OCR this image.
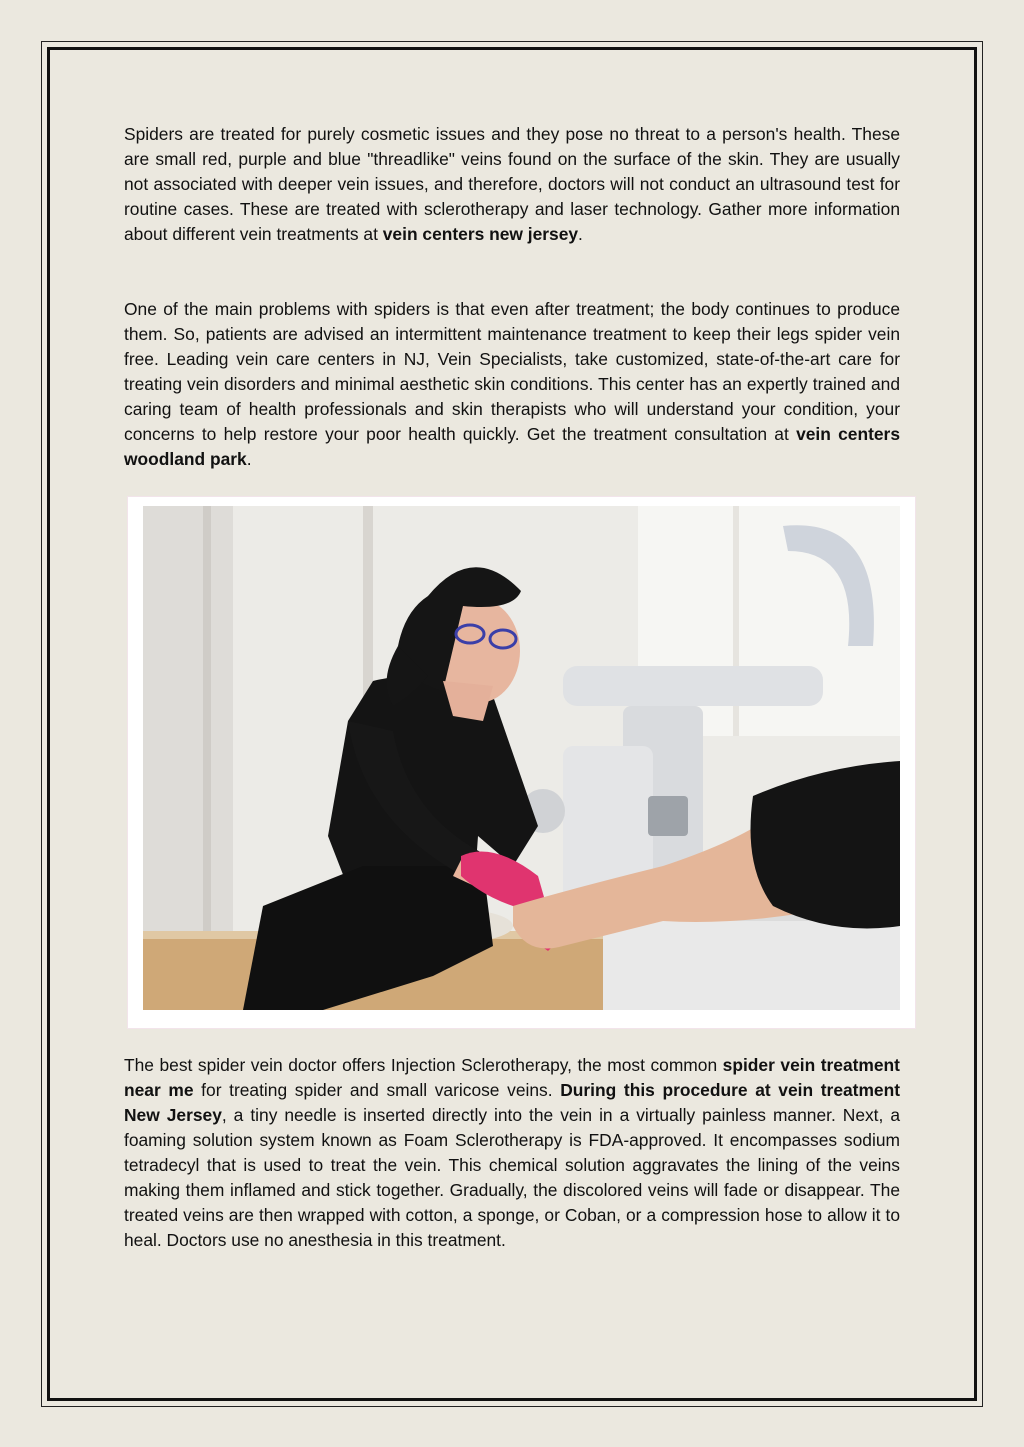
Spiders are treated for purely cosmetic issues and they pose no threat to a person's health. These are small red, purple and blue "threadlike" veins found on the surface of the skin. They are usually not associated with deeper vein issues, and therefore, doctors will not conduct an ultrasound test for routine cases. These are treated with sclerotherapy and laser technology. Gather more information about different vein treatments at vein centers new jersey.

One of the main problems with spiders is that even after treatment; the body continues to produce them. So, patients are advised an intermittent maintenance treatment to keep their legs spider vein free. Leading vein care centers in NJ, Vein Specialists, take customized, state-of-the-art care for treating vein disorders and minimal aesthetic skin conditions. This center has an expertly trained and caring team of health professionals and skin therapists who will understand your condition, your concerns to help restore your poor health quickly. Get the treatment consultation at vein centers woodland park.

The best spider vein doctor offers Injection Sclerotherapy, the most common spider vein treatment near me for treating spider and small varicose veins. During this procedure at vein treatment New Jersey, a tiny needle is inserted directly into the vein in a virtually painless manner. Next, a foaming solution system known as Foam Sclerotherapy is FDA-approved. It encompasses sodium tetradecyl that is used to treat the vein. This chemical solution aggravates the lining of the veins making them inflamed and stick together. Gradually, the discolored veins will fade or disappear. The treated veins are then wrapped with cotton, a sponge, or Coban, or a compression hose to allow it to heal. Doctors use no anesthesia in this treatment.
